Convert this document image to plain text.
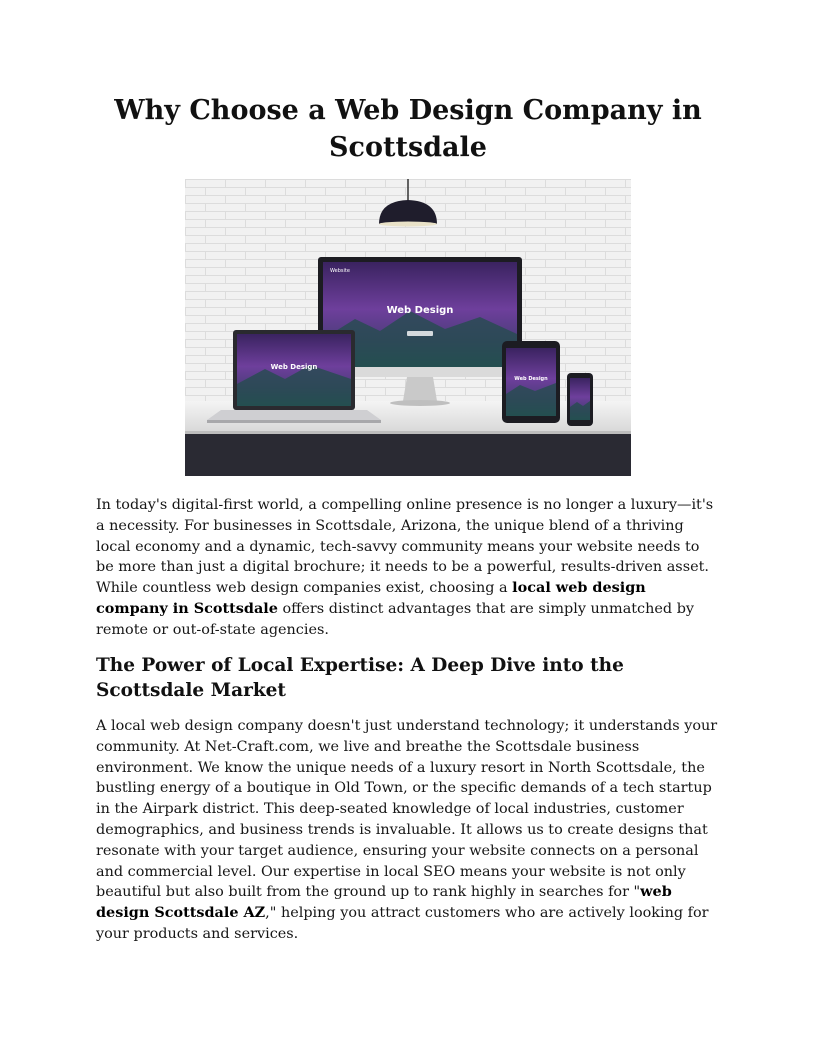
Why Choose a Web Design Company in Scottsdale
Website
Web Design
Web Design
Web Design

In today's digital-first world, a compelling online presence is no longer a luxury—it's a necessity. For businesses in Scottsdale, Arizona, the unique blend of a thriving local economy and a dynamic, tech-savvy community means your website needs to be more than just a digital brochure; it needs to be a powerful, results-driven asset. While countless web design companies exist, choosing a local web design company in Scottsdale offers distinct advantages that are simply unmatched by remote or out-of-state agencies.

The Power of Local Expertise: A Deep Dive into the Scottsdale Market

A local web design company doesn't just understand technology; it understands your community. At Net-Craft.com, we live and breathe the Scottsdale business environment. We know the unique needs of a luxury resort in North Scottsdale, the bustling energy of a boutique in Old Town, or the specific demands of a tech startup in the Airpark district. This deep-seated knowledge of local industries, customer demographics, and business trends is invaluable. It allows us to create designs that resonate with your target audience, ensuring your website connects on a personal and commercial level. Our expertise in local SEO means your website is not only beautiful but also built from the ground up to rank highly in searches for "web design Scottsdale AZ," helping you attract customers who are actively looking for your products and services.
